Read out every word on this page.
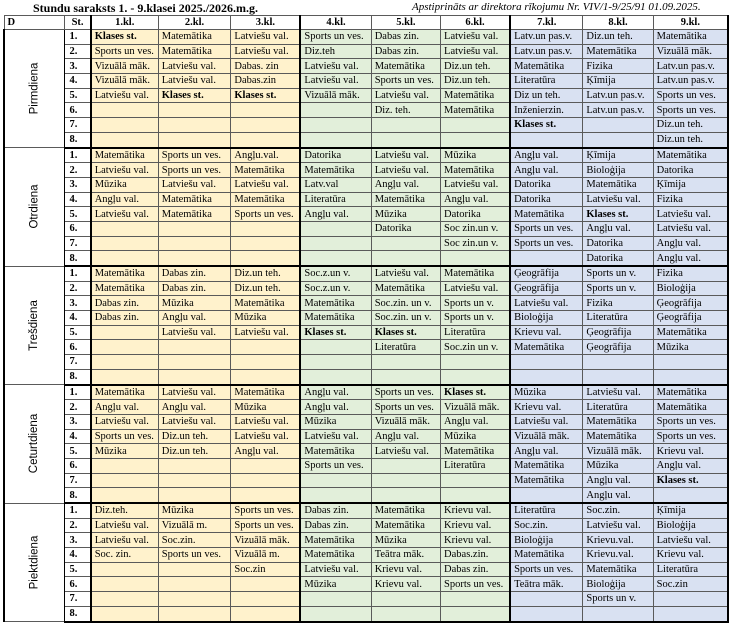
Stundu saraksts 1. - 9.klasei 2025./2026.m.g.	Apstiprināts ar direktora rīkojumu Nr. VIV/1-9/25/91 01.09.2025.
D	St.	1.kl.	2.kl.	3.kl.	4.kl.	5.kl.	6.kl.	7.kl.	8.kl.	9.kl.
Pirmdiena	1.	Klases st.	Matemātika	Latviešu val.	Sports un ves.	Dabas zin.	Latviešu val.	Latv.un pas.v.	Diz.un teh.	Matemātika
	2.	Sports un ves.	Matemātika	Latviešu val.	Diz.teh	Dabas zin.	Latviešu val.	Latv.un pas.v.	Matemātika	Vizuālā māk.
	3.	Vizuālā māk.	Latviešu val.	Dabas. zin	Latviešu val.	Matemātika	Diz.un teh.	Matemātika	Fizika	Latv.un pas.v.
	4.	Vizuālā māk.	Latviešu val.	Dabas.zin	Latviešu val.	Sports un ves.	Diz.un teh.	Literatūra	Ķīmija	Latv.un pas.v.
	5.	Latviešu val.	Klases st.	Klases st.	Vizuālā māk.	Latviešu val.	Matemātika	Diz un teh.	Latv.un pas.v.	Sports un ves.
	6.					Diz. teh.	Matemātika	Inženierzin.	Latv.un pas.v.	Sports un ves.
	7.							Klases st.		Diz.un teh.
	8.									Diz.un teh.
Otrdiena	1.	Matemātika	Sports un ves.	Angļu.val.	Datorika	Latviešu val.	Mūzika	Angļu val.	Ķīmija	Matemātika
	2.	Latviešu val.	Sports un ves.	Matemātika	Matemātika	Latviešu val.	Matemātika	Angļu val.	Bioloģija	Datorika
	3.	Mūzika	Latviešu val.	Latviešu val.	Latv.val	Angļu val.	Latviešu val.	Datorika	Matemātika	Ķīmija
	4.	Angļu val.	Matemātika	Matemātika	Literatūra	Matemātika	Angļu val.	Datorika	Latviešu val.	Fizika
	5.	Latviešu val.	Matemātika	Sports un ves.	Angļu val.	Mūzika	Datorika	Matemātika	Klases st.	Latviešu val.
	6.					Datorika	Soc zin.un v.	Sports un ves.	Angļu val.	Latviešu val.
	7.						Soc zin.un v.	Sports un ves.	Datorika	Angļu val.
	8.								Datorika	Angļu val.
Trešdiena	1.	Matemātika	Dabas zin.	Diz.un teh.	Soc.z.un v.	Latviešu val.	Matemātika	Ģeogrāfija	Sports un v.	Fizika
	2.	Matemātika	Dabas zin.	Diz.un teh.	Soc.z.un v.	Matemātika	Latviešu val.	Ģeogrāfija	Sports un v.	Bioloģija
	3.	Dabas zin.	Mūzika	Matemātika	Matemātika	Soc.zin. un v.	Sports un v.	Latviešu val.	Fizika	Ģeogrāfija
	4.	Dabas zin.	Angļu val.	Mūzika	Matemātika	Soc.zin. un v.	Sports un v.	Bioloģija	Literatūra	Ģeogrāfija
	5.		Latviešu val.	Latviešu val.	Klases st.	Klases st.	Literatūra	Krievu val.	Ģeogrāfija	Matemātika
	6.					Literatūra	Soc.zin un v.	Matemātika	Ģeogrāfija	Mūzika
	7.									
	8.									
Ceturtdiena	1.	Matemātika	Latviešu val.	Matemātika	Angļu val.	Sports un ves.	Klases st.	Mūzika	Latviešu val.	Matemātika
	2.	Angļu val.	Angļu val.	Mūzika	Angļu val.	Sports un ves.	Vizuālā māk.	Krievu val.	Literatūra	Matemātika
	3.	Latviešu val.	Latviešu val.	Latviešu val.	Mūzika	Vizuālā māk.	Angļu val.	Latviešu val.	Matemātika	Sports un ves.
	4.	Sports un ves.	Diz.un teh.	Latviešu val.	Latviešu val.	Angļu val.	Mūzika	Vizuālā māk.	Matemātika	Sports un ves.
	5.	Mūzika	Diz.un teh.	Angļu val.	Matemātika	Latviešu val.	Matemātika	Angļu val.	Vizuālā māk.	Krievu val.
	6.				Sports un ves.		Literatūra	Matemātika	Mūzika	Angļu val.
	7.							Matemātika	Angļu val.	Klases st.
	8.								Angļu val.	
Piektdiena	1.	Diz.teh.	Mūzika	Sports un ves.	Dabas zin.	Matemātika	Krievu val.	Literatūra	Soc.zin.	Ķīmija
	2.	Latviešu val.	Vizuālā m.	Sports un ves.	Dabas zin.	Matemātika	Krievu val.	Soc.zin.	Latviešu val.	Bioloģija
	3.	Latviešu val.	Soc.zin.	Vizuālā māk.	Matemātika	Mūzika	Krievu val.	Bioloģija	Krievu.val.	Latviešu val.
	4.	Soc. zin.	Sports un ves.	Vizuālā m.	Matemātika	Teātra māk.	Dabas.zin.	Matemātika	Krievu.val.	Krievu val.
	5.			Soc.zin	Latviešu val.	Krievu val.	Dabas zin.	Sports un ves.	Matemātika	Literatūra
	6.				Mūzika	Krievu val.	Sports un ves.	Teātra māk.	Bioloģija	Soc.zin
	7.								Sports un v.	
	8.									
